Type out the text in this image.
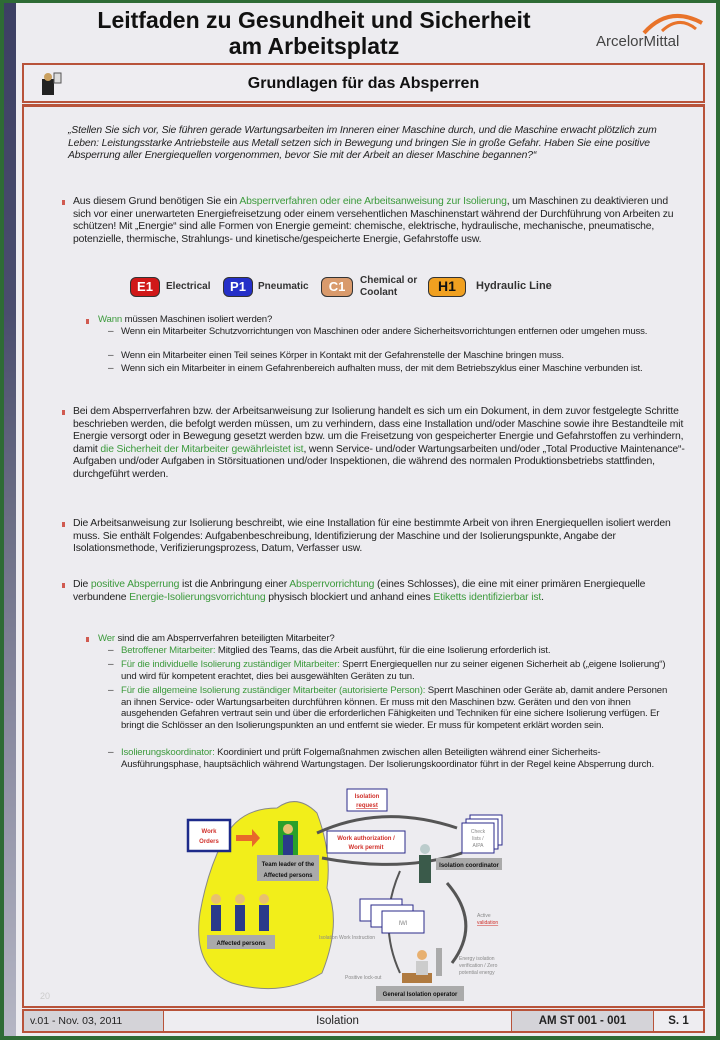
Leitfaden zu Gesundheit und Sicherheit
am Arbeitsplatz	ArcelorMittal
Grundlagen für das Absperren
„Stellen Sie sich vor, Sie führen gerade Wartungsarbeiten im Inneren einer Maschine durch, und die Maschine erwacht plötzlich zum Leben: Leistungsstarke Antriebsteile aus Metall setzen sich in Bewegung und bringen Sie in große Gefahr. Haben Sie eine positive Absperrung aller Energiequellen vorgenommen, bevor Sie mit der Arbeit an dieser Maschine begannen?“
Aus diesem Grund benötigen Sie ein Absperrverfahren oder eine Arbeitsanweisung zur Isolierung, um Maschinen zu deaktivieren und sich vor einer unerwarteten Energiefreisetzung oder einem versehentlichen Maschinenstart während der Durchführung von Arbeiten zu schützen! Mit „Energie“ sind alle Formen von Energie gemeint: chemische, elektrische, hydraulische, mechanische, pneumatische, potenzielle, thermische, Strahlungs- und kinetische/gespeicherte Energie, Gefahrstoffe usw.
E1	Electrical	P1	Pneumatic	C1	Chemical or Coolant	H1	Hydraulic Line
Wann müssen Maschinen isoliert werden?
– Wenn ein Mitarbeiter Schutzvorrichtungen von Maschinen oder andere Sicherheitsvorrichtungen entfernen oder umgehen muss.
– Wenn ein Mitarbeiter einen Teil seines Körper in Kontakt mit der Gefahrenstelle der Maschine bringen muss.
– Wenn sich ein Mitarbeiter in einem Gefahrenbereich aufhalten muss, der mit dem Betriebszyklus einer Maschine verbunden ist.
Bei dem Absperrverfahren bzw. der Arbeitsanweisung zur Isolierung handelt es sich um ein Dokument, in dem zuvor festgelegte Schritte beschrieben werden, die befolgt werden müssen, um zu verhindern, dass eine Installation und/oder Maschine sowie ihre Bestandteile mit Energie versorgt oder in Bewegung gesetzt werden bzw. um die Freisetzung von gespeicherter Energie und Gefahrstoffen zu verhindern, damit die Sicherheit der Mitarbeiter gewährleistet ist, wenn Service- und/oder Wartungsarbeiten und/oder „Total Productive Maintenance“-Aufgaben und/oder Aufgaben in Störsituationen und/oder Inspektionen, die während des normalen Produktionsbetriebs stattfinden, durchgeführt werden.
Die Arbeitsanweisung zur Isolierung beschreibt, wie eine Installation für eine bestimmte Arbeit von ihren Energiequellen isoliert werden muss. Sie enthält Folgendes: Aufgabenbeschreibung, Identifizierung der Maschine und der Isolierungspunkte, Angabe der Isolationsmethode, Verifizierungsprozess, Datum, Verfasser usw.
Die positive Absperrung ist die Anbringung einer Absperrvorrichtung (eines Schlosses), die eine mit einer primären Energiequelle verbundene Energie-Isolierungsvorrichtung physisch blockiert und anhand eines Etiketts identifizierbar ist.
Wer sind die am Absperrverfahren beteiligten Mitarbeiter?
– Betroffener Mitarbeiter: Mitglied des Teams, das die Arbeit ausführt, für die eine Isolierung erforderlich ist.
– Für die individuelle Isolierung zuständiger Mitarbeiter: Sperrt Energiequellen nur zu seiner eigenen Sicherheit ab („eigene Isolierung“) und wird für kompetent erachtet, dies bei ausgewählten Geräten zu tun.
– Für die allgemeine Isolierung zuständiger Mitarbeiter (autorisierte Person): Sperrt Maschinen oder Geräte ab, damit andere Personen an ihnen Service- oder Wartungsarbeiten durchführen können. Er muss mit den Maschinen bzw. Geräten und den von ihnen ausgehenden Gefahren vertraut sein und über die erforderlichen Fähigkeiten und Techniken für eine sichere Isolierung verfügen. Er bringt die Schlösser an den Isolierungspunkten an und entfernt sie wieder. Er muss für kompetent erklärt worden sein.
– Isolierungskoordinator: Koordiniert und prüft Folgemaßnahmen zwischen allen Beteiligten während einer Sicherheits-Ausführungsphase, hauptsächlich während Wartungstagen. Der Isolierungskoordinator führt in der Regel keine Absperrung durch.
Work
Orders
Team leader of the
Affected persons
Affected persons
Isolation
request
Work authorization /
Work permit
Check
lists /
AIPA
Isolation coordinator
IWI
Isolation Work Instruction
Active
validation
Energy isolation
verification / Zero
potential energy
Positive lock-out
General Isolation operator
20
v.01 - Nov. 03, 2011	Isolation	AM ST 001 - 001	S. 1
